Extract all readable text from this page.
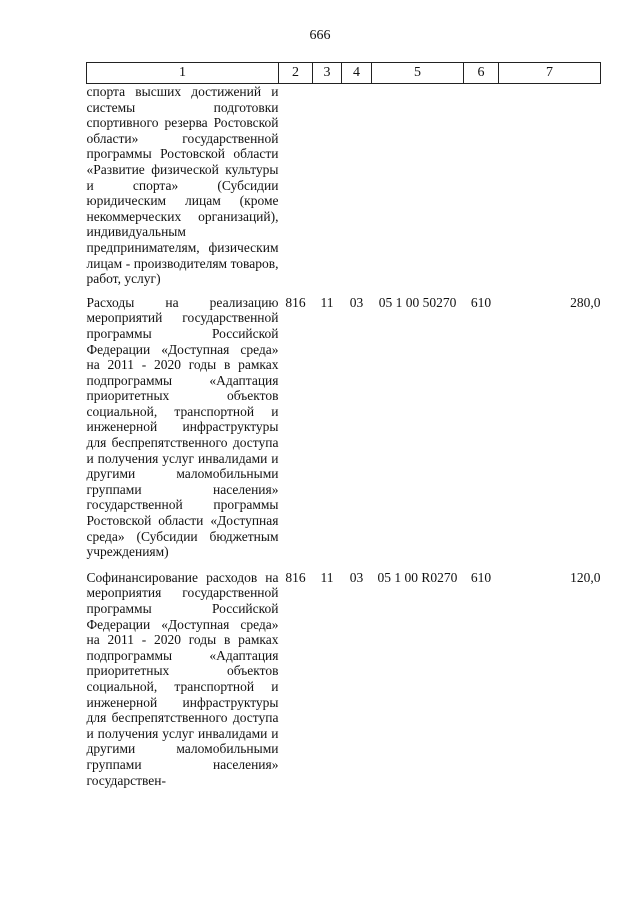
666
1	2	3	4	5	6	7
спорта высших достижений и системы подготовки спортивного резерва Ростовской области» государственной программы Ростовской области «Развитие физической культуры и спорта» (Субсидии юридическим лицам (кроме некоммерческих организаций), индивидуальным предпринимателям, физическим лицам - производителям товаров, работ, услуг)						
Расходы на реализацию мероприятий государственной программы Российской Федерации «Доступная среда» на 2011 - 2020 годы в рамках подпрограммы «Адаптация приоритетных объектов социальной, транспортной и инженерной инфраструктуры для беспрепятственного доступа и получения услуг инвалидами и другими маломобильными группами населения» государственной программы Ростовской области «Доступная среда» (Субсидии бюджетным учреждениям)	816	11	03	05 1 00 50270	610	280,0
Софинансирование расходов на мероприятия государственной программы Российской Федерации «Доступная среда» на 2011 - 2020 годы в рамках подпрограммы «Адаптация приоритетных объектов социальной, транспортной и инженерной инфраструктуры для беспрепятственного доступа и получения услуг инвалидами и другими маломобильными группами населения» государствен-	816	11	03	05 1 00 R0270	610	120,0
